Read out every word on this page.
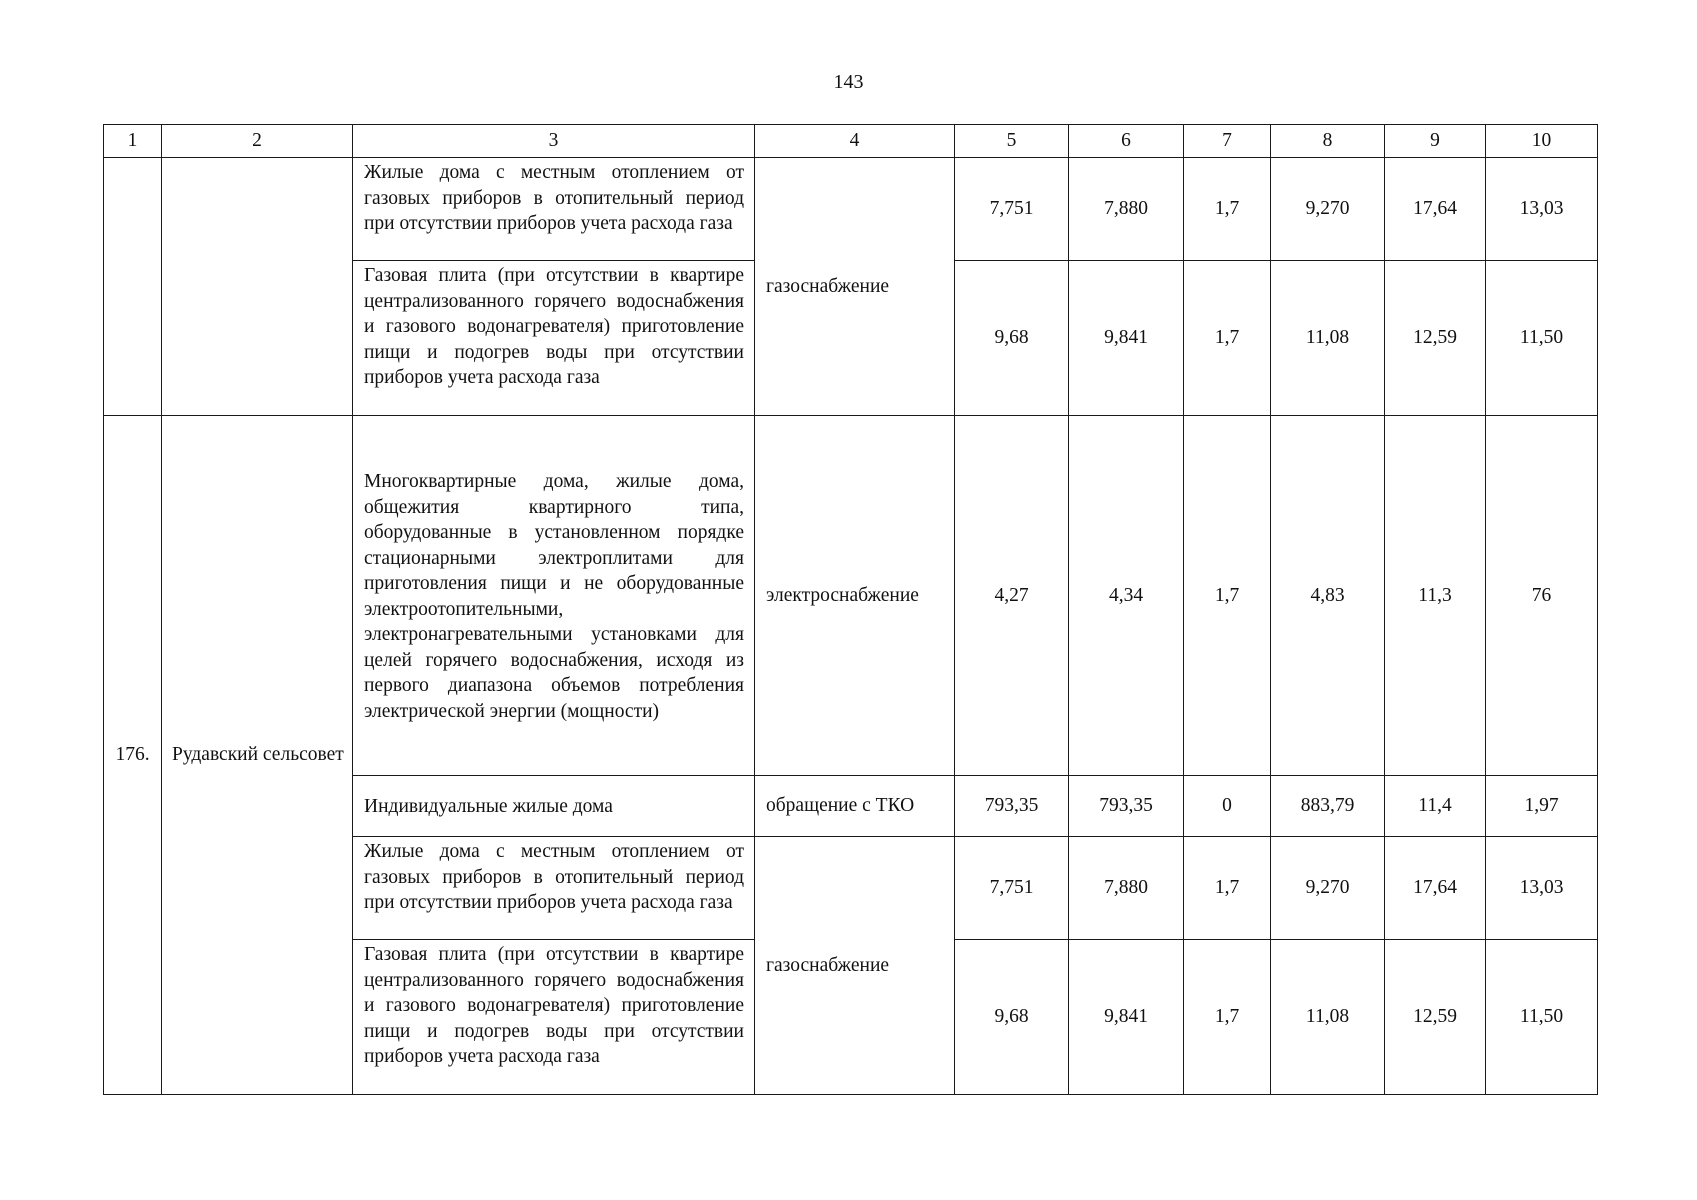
143
1	2	3	4	5	6	7	8	9	10

		Жилые дома с местным отоплением от газовых приборов в отопительный период при отсутствии приборов учета расхода газа	газоснабжение	7,751	7,880	1,7	9,270	17,64	13,03

		Газовая плита (при отсутствии в квартире централизованного горячего водоснабжения и газового водонагревателя) приготовление пищи и подогрев воды при отсутствии приборов учета расхода газа		9,68	9,841	1,7	11,08	12,59	11,50
176.	Рудавский сельсовет	Многоквартирные дома, жилые дома, общежития квартирного типа, оборудованные в установленном порядке стационарными электроплитами для приготовления пищи и не оборудованные электроотопительными, электронагревательными установками для целей горячего водоснабжения, исходя из первого диапазона объемов потребления электрической энергии (мощности)	электроснабжение	4,27	4,34	1,7	4,83	11,3	76
		Индивидуальные жилые дома	обращение с ТКО	793,35	793,35	0	883,79	11,4	1,97

		Жилые дома с местным отоплением от газовых приборов в отопительный период при отсутствии приборов учета расхода газа	газоснабжение	7,751	7,880	1,7	9,270	17,64	13,03

		Газовая плита (при отсутствии в квартире централизованного горячего водоснабжения и газового водонагревателя) приготовление пищи и подогрев воды при отсутствии приборов учета расхода газа		9,68	9,841	1,7	11,08	12,59	11,50
